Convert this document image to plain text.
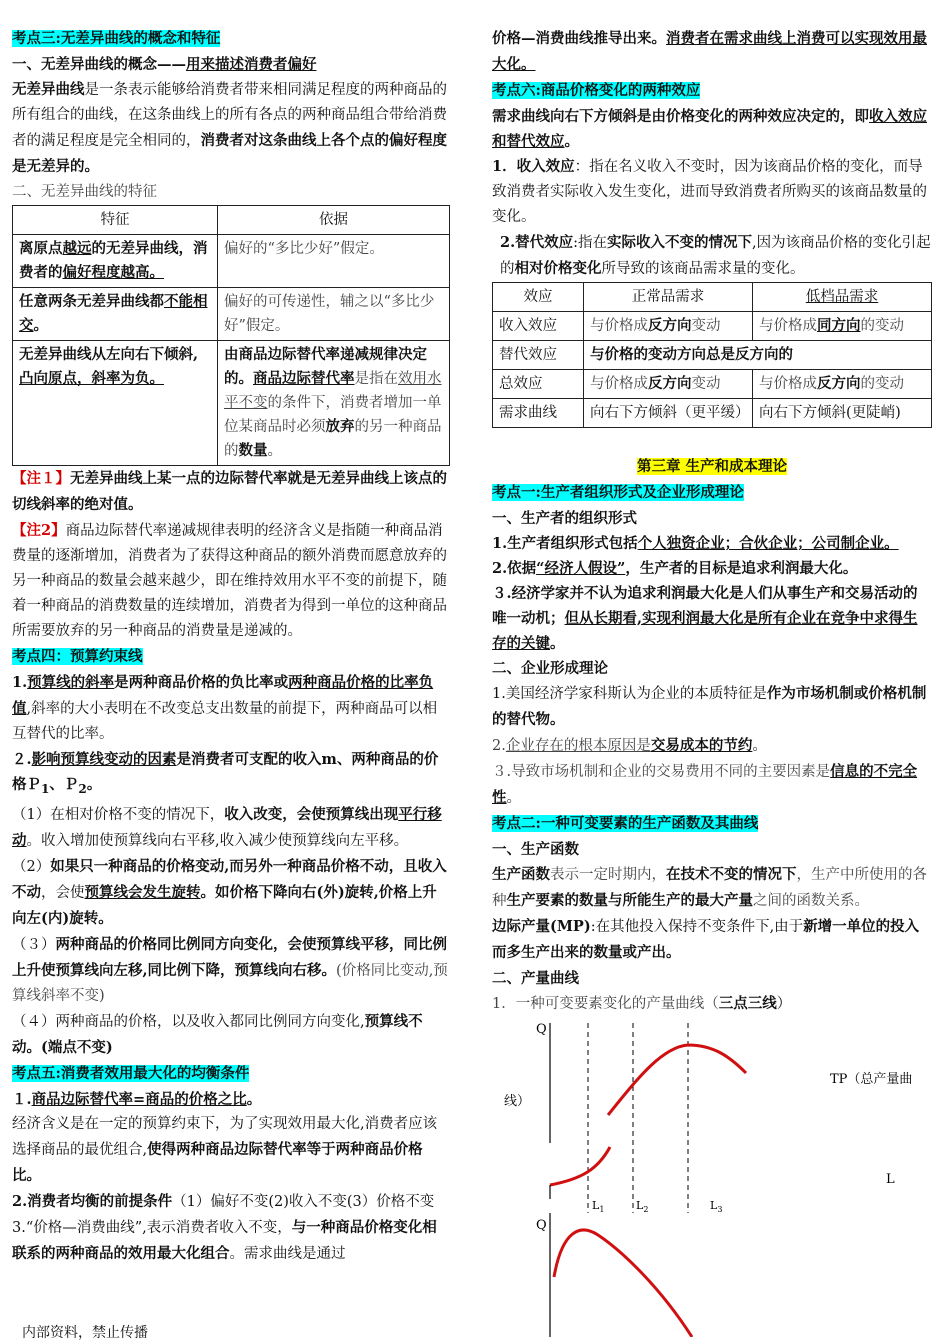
考点三:无差异曲线的概念和特征

一、无差异曲线的概念——用来描述消费者偏好

无差异曲线是一条表示能够给消费者带来相同满足程度的两种商品的所有组合的曲线，在这条曲线上的所有各点的两种商品组合带给消费者的满足程度是完全相同的，消费者对这条曲线上各个点的偏好程度是无差异的。

二、无差异曲线的特征

特征	依据
离原点越远的无差异曲线，消费者的偏好程度越高。	偏好的“多比少好”假定。
任意两条无差异曲线都不能相交。	偏好的可传递性，辅之以“多比少好”假定。
无差异曲线从左向右下倾斜,凸向原点，斜率为负。	由商品边际替代率递减规律决定的。商品边际替代率是指在效用水平不变的条件下，消费者增加一单位某商品时必须放弃的另一种商品的数量。

【注１】无差异曲线上某一点的边际替代率就是无差异曲线上该点的切线斜率的绝对值。

【注2】商品边际替代率递减规律表明的经济含义是指随一种商品消费量的逐渐增加，消费者为了获得这种商品的额外消费而愿意放弃的另一种商品的数量会越来越少，即在维持效用水平不变的前提下，随着一种商品的消费数量的连续增加，消费者为得到一单位的这种商品所需要放弃的另一种商品的消费量是递减的。

考点四：预算约束线

1.预算线的斜率是两种商品价格的负比率或两种商品价格的比率负值,斜率的大小表明在不改变总支出数量的前提下，两种商品可以相互替代的比率。

２.影响预算线变动的因素是消费者可支配的收入m、两种商品的价格Ｐ$_1$、Ｐ$_2$。

（1）在相对价格不变的情况下，收入改变，会使预算线出现平行移动。收入增加使预算线向右平移,收入减少使预算线向左平移。

（2）如果只一种商品的价格变动,而另外一种商品价格不动，且收入不动，会使预算线会发生旋转。如价格下降向右(外)旋转,价格上升向左(内)旋转。

（３）两种商品的价格同比例同方向变化，会使预算线平移，同比例上升使预算线向左移,同比例下降，预算线向右移。(价格同比变动,预算线斜率不变)

（４）两种商品的价格，以及收入都同比例同方向变化,预算线不动。(端点不变)

考点五:消费者效用最大化的均衡条件

１.商品边际替代率=商品的价格之比。

经济含义是在一定的预算约束下，为了实现效用最大化,消费者应该选择商品的最优组合,使得两种商品边际替代率等于两种商品价格比。

2.消费者均衡的前提条件（1）偏好不变(2)收入不变(3）价格不变

3.“价格—消费曲线”,表示消费者收入不变，与一种商品价格变化相联系的两种商品的效用最大化组合。需求曲线是通过

内部资料，禁止传播

价格—消费曲线推导出来。消费者在需求曲线上消费可以实现效用最大化。

考点六:商品价格变化的两种效应

需求曲线向右下方倾斜是由价格变化的两种效应决定的，即收入效应和替代效应。

1．收入效应：指在名义收入不变时，因为该商品价格的变化，而导致消费者实际收入发生变化，进而导致消费者所购买的该商品数量的变化。

2.替代效应:指在实际收入不变的情况下,因为该商品价格的变化引起的相对价格变化所导致的该商品需求量的变化。

效应	正常品需求	低档品需求
收入效应	与价格成反方向变动	与价格成同方向的变动
替代效应	与价格的变动方向总是反方向的	
总效应	与价格成反方向变动	与价格成反方向的变动
需求曲线	向右下方倾斜（更平缓）	向右下方倾斜(更陡峭)

第三章 生产和成本理论

考点一:生产者组织形式及企业形成理论

一、生产者的组织形式

1.生产者组织形式包括个人独资企业；合伙企业；公司制企业。

2.依据“经济人假设”，生产者的目标是追求利润最大化。

３.经济学家并不认为追求利润最大化是人们从事生产和交易活动的唯一动机；但从长期看,实现利润最大化是所有企业在竞争中求得生存的关键。

二、企业形成理论

1.美国经济学家科斯认为企业的本质特征是作为市场机制或价格机制的替代物。

2.企业存在的根本原因是交易成本的节约。

３.导致市场机制和企业的交易费用不同的主要因素是信息的不完全性。

考点二:一种可变要素的生产函数及其曲线

一、生产函数

生产函数表示一定时期内，在技术不变的情况下，生产中所使用的各种生产要素的数量与所能生产的最大产量之间的函数关系。

边际产量(MP):在其他投入保持不变条件下,由于新增一单位的投入而多生产出来的数量或产出。

二、产量曲线

1．一种可变要素变化的产量曲线（三点三线）

Q
TP（总产量曲
线）
L
$L_1$	$L_2$	$L_3$
Q
